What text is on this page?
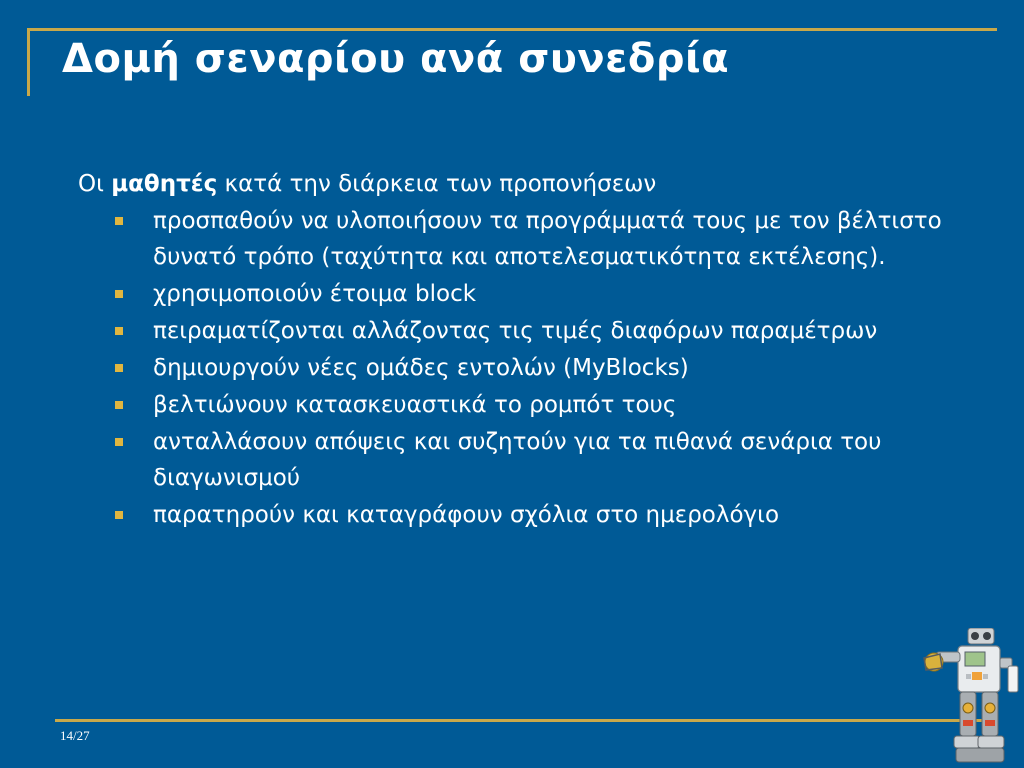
Δομή σεναρίου ανά συνεδρία

Οι μαθητές κατά την διάρκεια των προπονήσεων

προσπαθούν να υλοποιήσουν τα προγράμματά τους με τον βέλτιστο δυνατό τρόπο (ταχύτητα και αποτελεσματικότητα εκτέλεσης).
χρησιμοποιούν έτοιμα block
πειραματίζονται αλλάζοντας τις τιμές διαφόρων παραμέτρων
δημιουργούν νέες ομάδες εντολών (MyBlocks)
βελτιώνουν κατασκευαστικά το ρομπότ τους
ανταλλάσουν απόψεις και συζητούν για τα πιθανά σενάρια του διαγωνισμού
παρατηρούν και καταγράφουν σχόλια στο ημερολόγιο
14/27
